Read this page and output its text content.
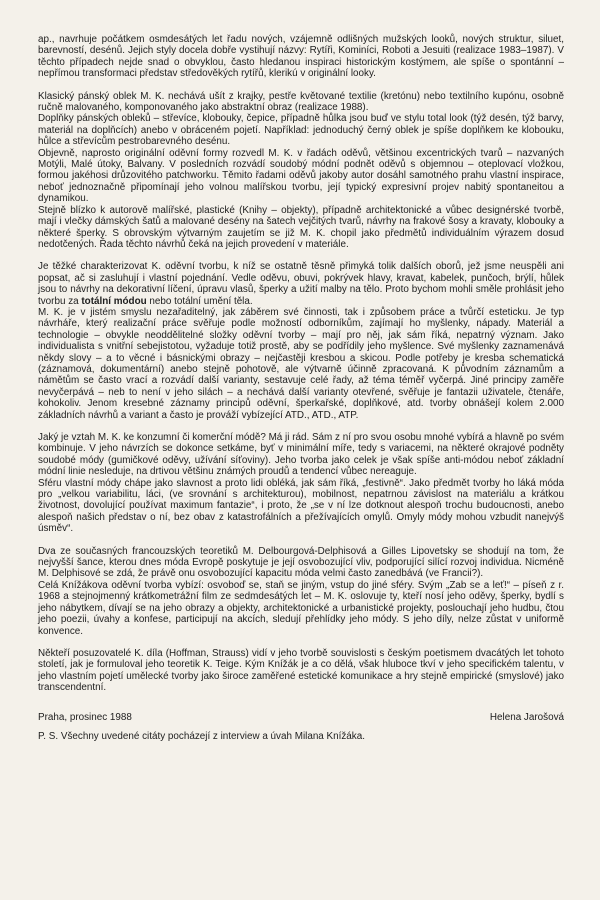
ap., navrhuje počátkem osmdesátých let řadu nových, vzájemně odlišných mužských looků, nových struktur, siluet, barevností, desénů. Jejich styly docela dobře vystihují názvy: Rytíři, Kominíci, Roboti a Jesuiti (realizace 1983–1987). V těchto případech nejde snad o obvyklou, často hledanou inspiraci historickým kostýmem, ale spíše o spontánní – nepřímou transformaci představ středověkých rytířů, klerikú v originální looky.

Klasický pánský oblek M. K. nechává ušít z krajky, pestře květované textilie (kretónu) nebo textilního kupónu, osobně ručně malovaného, komponovaného jako abstraktní obraz (realizace 1988).
Doplňky pánských obleků – střevíce, klobouky, čepice, případně hůlka jsou buď ve stylu total look (týž desén, týž barvy, materiál na doplňcích) anebo v obráceném pojetí. Například: jednoduchý černý oblek je spíše doplňkem ke klobouku, hůlce a střevícům pestrobarevného desénu.
Objevně, naprosto originální oděvní formy rozvedl M. K. v řadách oděvů, většinou excentrických tvarů – nazvaných Motýli, Malé útoky, Balvany. V posledních rozvádí soudobý módní podnět oděvů s objemnou – oteplovací vložkou, formou jakéhosi drůzovitého patchworku. Těmito řadami oděvů jakoby autor dosáhl samotného prahu vlastní inspirace, neboť jednoznačně připomínají jeho volnou malířskou tvorbu, její typický expresivní projev nabitý spontaneitou a dynamikou.
Stejně blízko k autorově malířské, plastické (Knihy – objekty), případně architektonické a vůbec designérské tvorbě, mají i vlečky dámských šatů a malované desény na šatech vejčitých tvarů, návrhy na frakové šosy a kravaty, klobouky a některé šperky. S obrovským výtvarným zaujetím se již M. K. chopil jako předmětů individuálním výrazem dosud nedotčených. Řada těchto návrhů čeká na jejich provedení v materiále.

Je těžké charakterizovat K. oděvní tvorbu, k níž se ostatně těsně přimyká tolik dalších oborů, jež jsme neuspěli ani popsat, ač si zasluhují i vlastní pojednání. Vedle oděvu, obuvi, pokrývek hlavy, kravat, kabelek, punčoch, brýlí, hůlek jsou to návrhy na dekorativní líčení, úpravu vlasů, šperky a užití malby na tělo. Proto bychom mohli směle prohlásit jeho tvorbu za totální módou nebo totální umění těla.
M. K. je v jistém smyslu nezařaditelný, jak záběrem své činnosti, tak i způsobem práce a tvůrčí esteticku. Je typ návrháře, který realizační práce svěřuje podle možností odborníkům, zajímají ho myšlenky, nápady. Materiál a technologie – obvykle neoddělitelné složky oděvní tvorby – mají pro něj, jak sám říká, nepatrný význam. Jako individualista s vnitřní sebejistotou, vyžaduje totiž prostě, aby se podřídily jeho myšlence. Své myšlenky zaznamenává někdy slovy – a to věcné i básnickými obrazy – nejčastěji kresbou a skicou. Podle potřeby je kresba schematická (záznamová, dokumentární) anebo stejně pohotově, ale výtvarně účinně zpracovaná. K původním záznamům a námětům se často vrací a rozvádí další varianty, sestavuje celé řady, až téma téměř vyčerpá. Jiné principy zaměře nevyčerpává – neb to není v jeho silách – a nechává další varianty otevřené, svěřuje je fantazii uživatele, čtenáře, kohokoliv. Jenom kresebné záznamy principů oděvní, šperkařské, doplňkové, atd. tvorby obnášejí kolem 2.000 základních návrhů a variant a často je prováží vybízející ATD., ATD., ATP.

Jaký je vztah M. K. ke konzumní či komerční módě? Má ji rád. Sám z ní pro svou osobu mnohé vybírá a hlavně po svém kombinuje. V jeho návrzích se dokonce setkáme, byť v minimální míře, tedy s variacemi, na některé okrajové podněty soudobé módy (gumičkové oděvy, užívání síťoviny). Jeho tvorba jako celek je však spíše anti-módou neboť základní módní linie nesleduje, na drtivou většinu známých proudů a tendencí vůbec nereaguje.
Sféru vlastní módy chápe jako slavnost a proto lidi obléká, jak sám říká, „festivně“. Jako předmět tvorby ho láká móda pro „velkou variabilitu, láci, (ve srovnání s architekturou), mobilnost, nepatrnou závislost na materiálu a krátkou životnost, dovolující používat maximum fantazie“, i proto, že „se v ní lze dotknout alespoň trochu budoucnosti, anebo alespoň našich představ o ní, bez obav z katastrofálních a přežívajících omylů. Omyly módy mohou vzbudit nanejvýš úsměv“.

Dva ze současných francouzských teoretiků M. Delbourgová-Delphisová a Gilles Lipovetsky se shodují na tom, že nejvyšší šance, kterou dnes móda Evropě poskytuje je její osvobozující vliv, podporující silící rozvoj individua. Nicméně M. Delphisové se zdá, že právě onu osvobozující kapacitu móda velmi často zanedbává (ve Francii?).
Celá Knížákova oděvní tvorba vybízí: osvoboď se, staň se jiným, vstup do jiné sféry. Svým „Zab se a leť!“ – píseň z r. 1968 a stejnojmenný krátkometrážní film ze sedmdesátých let – M. K. oslovuje ty, kteří nosí jeho oděvy, šperky, bydlí s jeho nábytkem, dívají se na jeho obrazy a objekty, architektonické a urbanistické projekty, poslouchají jeho hudbu, čtou jeho poezii, úvahy a konfese, participují na akcích, sledují přehlídky jeho módy. S jeho díly, nelze zůstat v uniformě konvence.

Někteří posuzovatelé K. díla (Hoffman, Strauss) vidí v jeho tvorbě souvislosti s českým poetismem dvacátých let tohoto století, jak je formuloval jeho teoretik K. Teige. Kým Knížák je a co dělá, však hluboce tkví v jeho specifickém talentu, v jeho vlastním pojetí umělecké tvorby jako široce zaměřené estetické komunikace a hry stejně empirické (smyslové) jako transcendentní.

Praha, prosinec 1988	Helena Jarošová

P. S. Všechny uvedené citáty pocházejí z interview a úvah Milana Knížáka.
